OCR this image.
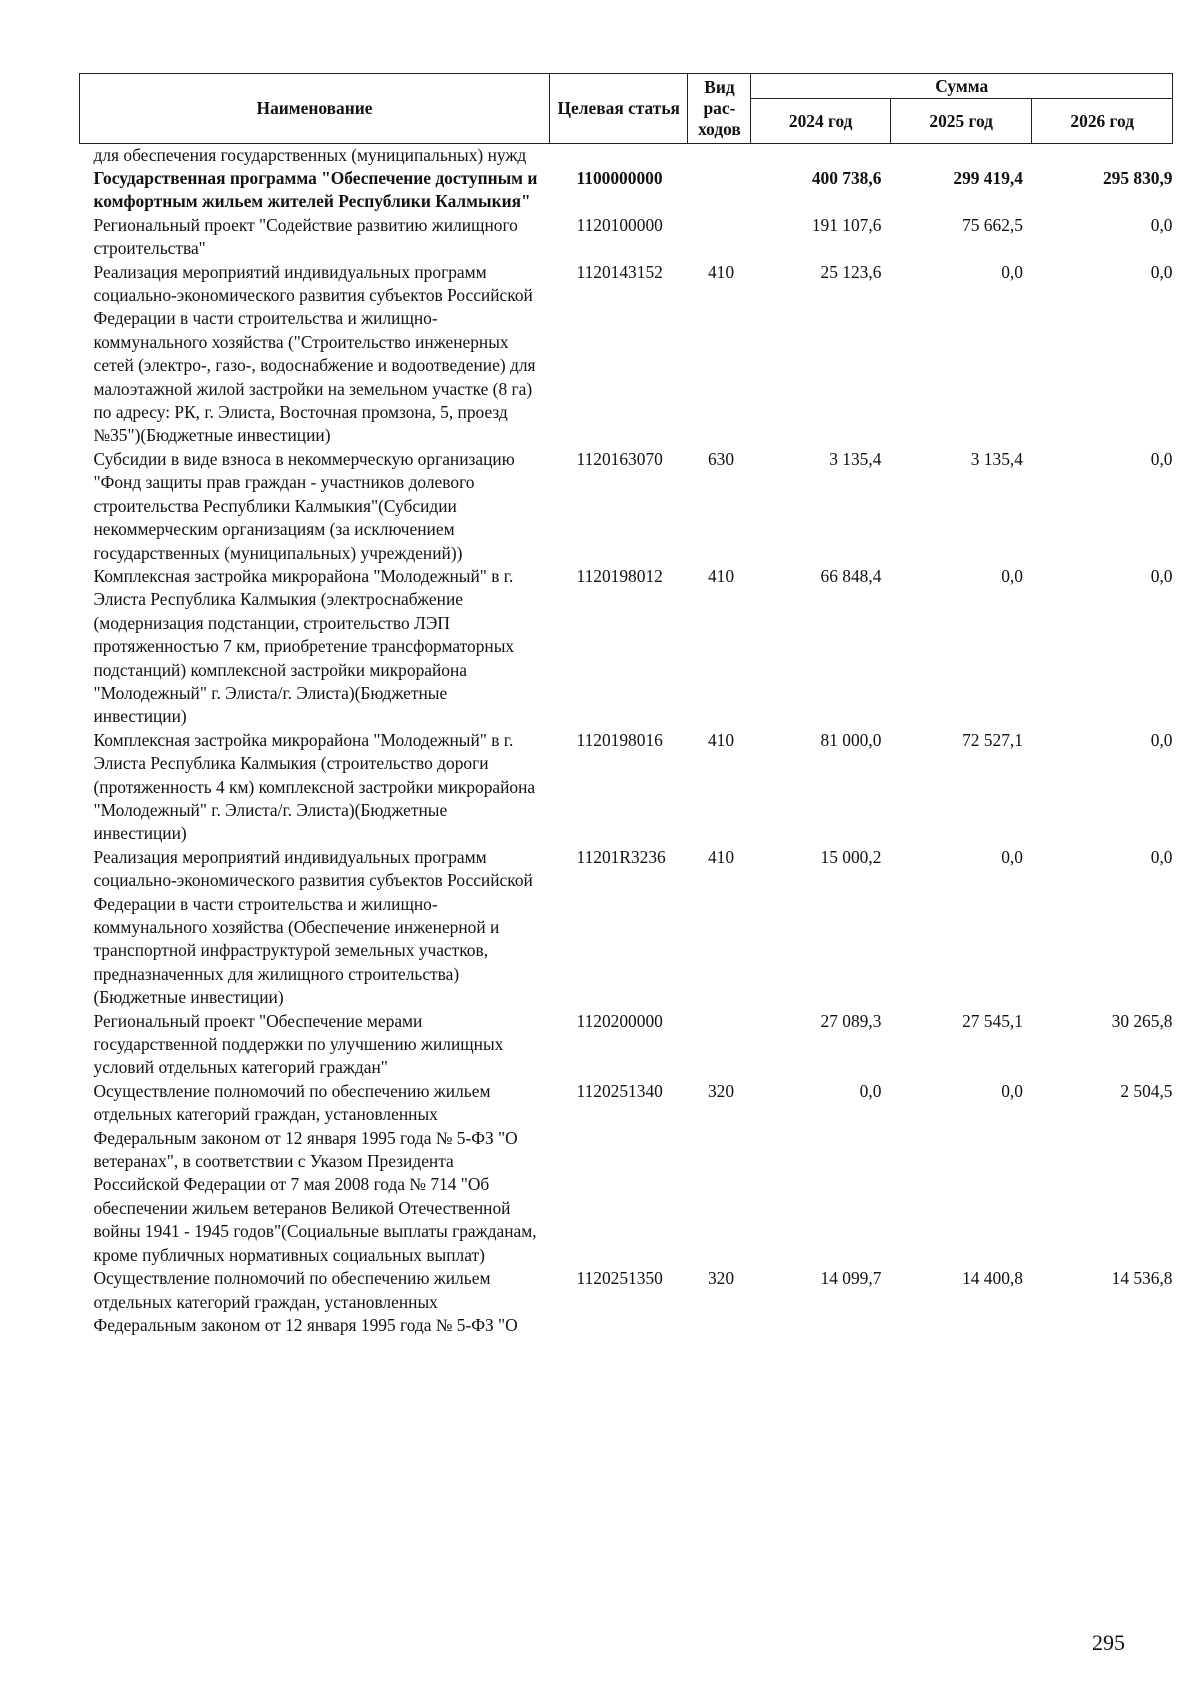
Наименование	Целевая статья	Вид рас-ходов	Сумма		
			2024 год	2025 год	2026 год
для обеспечения государственных (муниципальных) нужд					
Государственная программа "Обеспечение доступным и комфортным жильем жителей Республики Калмыкия"	1100000000		400 738,6	299 419,4	295 830,9
Региональный проект "Содействие развитию жилищного строительства"	1120100000		191 107,6	75 662,5	0,0
Реализация мероприятий индивидуальных программ социально-экономического развития субъектов Российской Федерации в части строительства и жилищно-коммунального хозяйства ("Строительство инженерных сетей (электро-, газо-, водоснабжение и водоотведение) для малоэтажной жилой застройки на земельном участке (8 га) по адресу: РК, г. Элиста, Восточная промзона, 5, проезд №35")(Бюджетные инвестиции)	1120143152	410	25 123,6	0,0	0,0
Субсидии в виде взноса в некоммерческую организацию "Фонд защиты прав граждан - участников долевого строительства Республики Калмыкия"(Субсидии некоммерческим организациям (за исключением государственных (муниципальных) учреждений))	1120163070	630	3 135,4	3 135,4	0,0
Комплексная застройка микрорайона "Молодежный" в г. Элиста Республика Калмыкия (электроснабжение (модернизация подстанции, строительство ЛЭП протяженностью 7 км, приобретение трансформаторных подстанций) комплексной застройки микрорайона "Молодежный" г. Элиста/г. Элиста)(Бюджетные инвестиции)	1120198012	410	66 848,4	0,0	0,0
Комплексная застройка микрорайона "Молодежный" в г. Элиста Республика Калмыкия (строительство дороги (протяженность 4 км) комплексной застройки микрорайона "Молодежный" г. Элиста/г. Элиста)(Бюджетные инвестиции)	1120198016	410	81 000,0	72 527,1	0,0
Реализация мероприятий индивидуальных программ социально-экономического развития субъектов Российской Федерации в части строительства и жилищно-коммунального хозяйства (Обеспечение инженерной и транспортной инфраструктурой земельных участков, предназначенных для жилищного строительства)(Бюджетные инвестиции)	11201R3236	410	15 000,2	0,0	0,0
Региональный проект "Обеспечение мерами государственной поддержки по улучшению жилищных условий отдельных категорий граждан"	1120200000		27 089,3	27 545,1	30 265,8
Осуществление полномочий по обеспечению жильем отдельных категорий граждан, установленных Федеральным законом от 12 января 1995 года № 5-ФЗ "О ветеранах", в соответствии с Указом Президента Российской Федерации от 7 мая 2008 года № 714 "Об обеспечении жильем ветеранов Великой Отечественной войны 1941 - 1945 годов"(Социальные выплаты гражданам, кроме публичных нормативных социальных выплат)	1120251340	320	0,0	0,0	2 504,5
Осуществление полномочий по обеспечению жильем отдельных категорий граждан, установленных Федеральным законом от 12 января 1995 года № 5-ФЗ "О	1120251350	320	14 099,7	14 400,8	14 536,8
295
